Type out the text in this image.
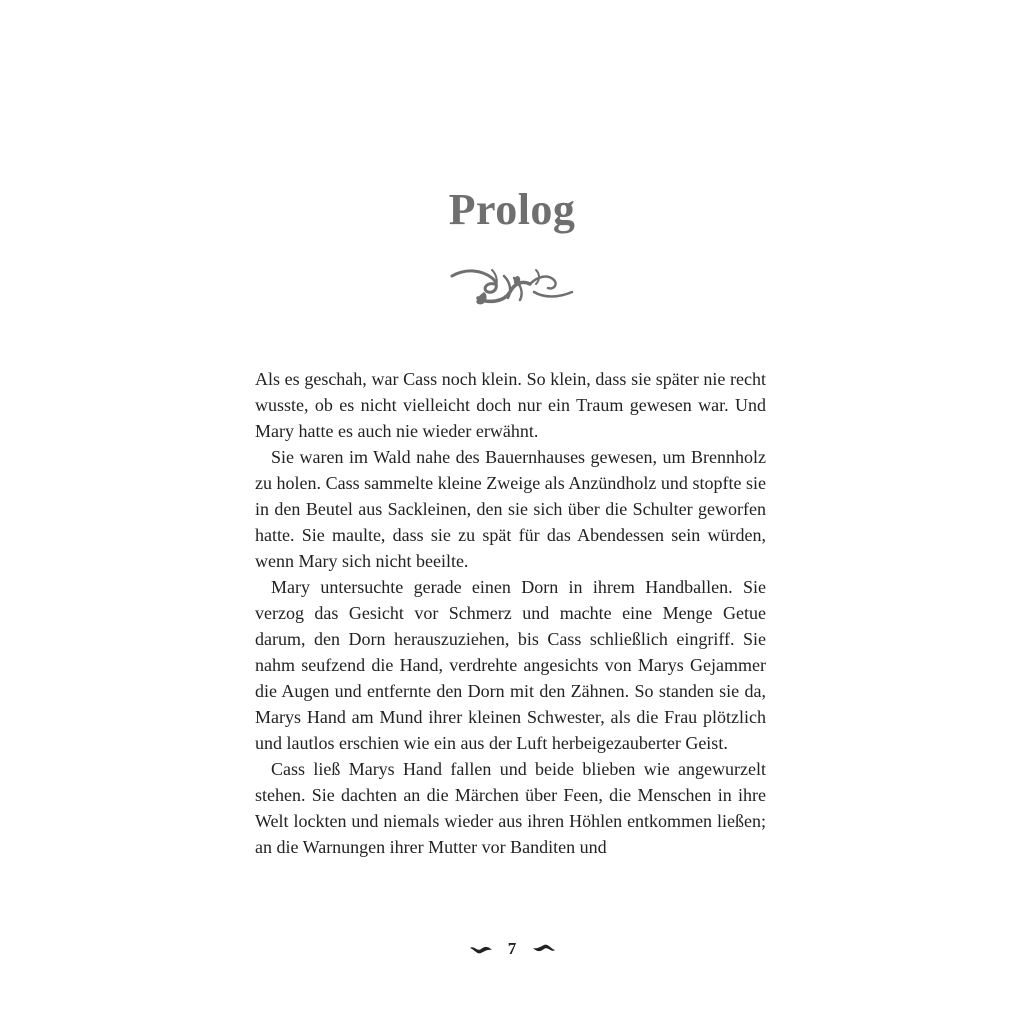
Prolog

Als es geschah, war Cass noch klein. So klein, dass sie später nie recht wusste, ob es nicht vielleicht doch nur ein Traum gewesen war. Und Mary hatte es auch nie wieder erwähnt.

Sie waren im Wald nahe des Bauernhauses gewesen, um Brennholz zu holen. Cass sammelte kleine Zweige als Anzündholz und stopfte sie in den Beutel aus Sackleinen, den sie sich über die Schulter geworfen hatte. Sie maulte, dass sie zu spät für das Abendessen sein würden, wenn Mary sich nicht beeilte.

Mary untersuchte gerade einen Dorn in ihrem Handballen. Sie verzog das Gesicht vor Schmerz und machte eine Menge Getue darum, den Dorn herauszuziehen, bis Cass schließlich eingriff. Sie nahm seufzend die Hand, verdrehte angesichts von Marys Gejammer die Augen und entfernte den Dorn mit den Zähnen. So standen sie da, Marys Hand am Mund ihrer kleinen Schwester, als die Frau plötzlich und lautlos erschien wie ein aus der Luft herbeigezauberter Geist.

Cass ließ Marys Hand fallen und beide blieben wie angewurzelt stehen. Sie dachten an die Märchen über Feen, die Menschen in ihre Welt lockten und niemals wieder aus ihren Höhlen entkommen ließen; an die Warnungen ihrer Mutter vor Banditen und

7
